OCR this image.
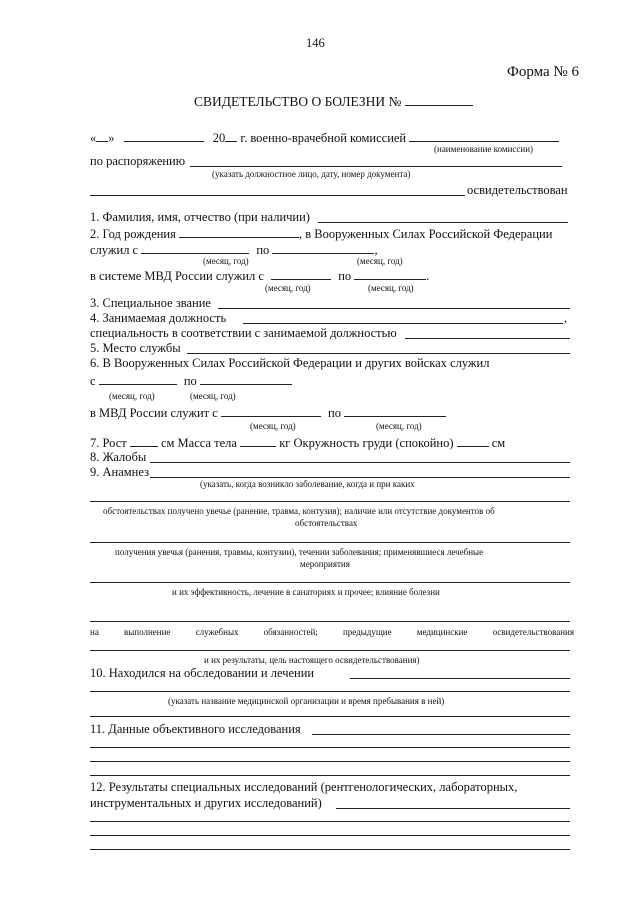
146
Форма № 6
СВИДЕТЕЛЬСТВО О БОЛЕЗНИ №
« »	20 г. военно-врачебной комиссией
(наименование комиссии)
по распоряжению
(указать должностное лицо, дату, номер документа)
освидетельствован
1. Фамилия, имя, отчество (при наличии)
2. Год рождения	, в Вооруженных Силах Российской Федерации
служил с	по	,
(месяц, год)	(месяц, год)
в системе МВД России служил с	по	.
(месяц, год)	(месяц, год)
3. Специальное звание
4. Занимаемая должность	,
специальность в соответствии с занимаемой должностью
5. Место службы
6. В Вооруженных Силах Российской Федерации и других войсках служил
с	по
(месяц, год)	(месяц, год)
в МВД России служит с	по
(месяц, год)	(месяц, год)
7. Рост	см Масса тела	кг Окружность груди (спокойно)	см
8. Жалобы
9. Анамнез
(указать, когда возникло заболевание, когда и при каких
обстоятельствах получено увечье (ранение, травма, контузия); наличие или отсутствие документов об
обстоятельствах
получения увечья (ранения, травмы, контузии), течении заболевания; применявшиеся лечебные
мероприятия
и их эффективность, лечение в санаториях и прочее; влияние болезни
на	выполнение	служебных	обязанностей;	предыдущие	медицинские	освидетельствования
и их результаты, цель настоящего освидетельствования)
10. Находился на обследовании и лечении
(указать название медицинской организации и время пребывания в ней)
11. Данные объективного исследования
12. Результаты специальных исследований (рентгенологических, лабораторных,
инструментальных и других исследований)
